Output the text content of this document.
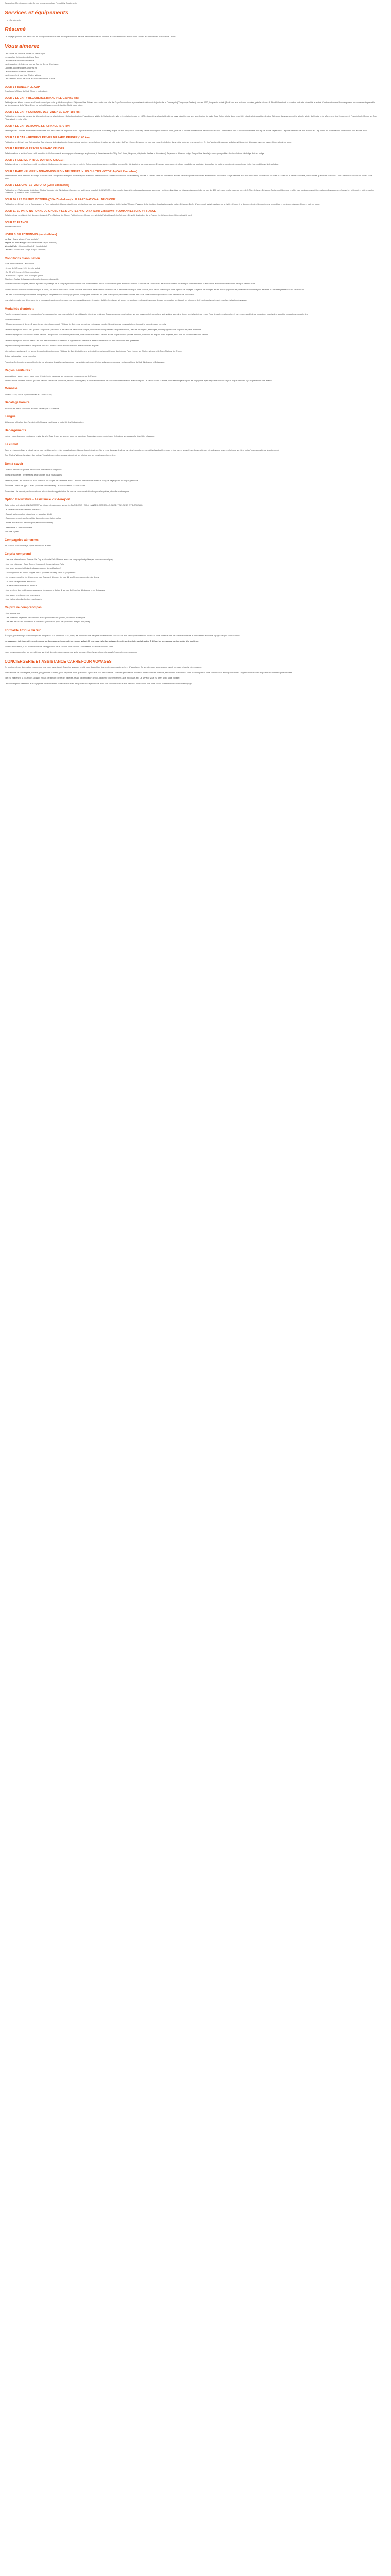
Description Ce prix comprend / Ce prix ne comprend pas Formalités Conciergerie

Services et équipements
• Conciergerie
Résumé

Un voyage qui vous fera découvrir les principaux sites naturels d'Afrique du Sud à travers des visites hors du commun et vous emmènera aux Chutes Victoria et dans le Parc National de Chobe.

Vous aimerez
Les 3 nuits en Réserve privée au Parc Kruger
Le survol en hélicoptère du Cape Town
Le dîner de spécialités africaines
La dégustation de fruits de mer au Cap de Bonne Espérance
L'apéritif au champagne à Signal Hill
La croisière sur le fleuve Zambèze
La découverte à pied des Chutes Victoria
Les 2 safaris dont 1 nautique au Parc National de Chobe
JOUR 1 FRANCE > LE CAP

Envol pour l'Afrique du Sud. Dîner et nuit à bord.

JOUR 2 LE CAP > BLOUBERGSTRAND > LE CAP (50 km)

Petit déjeuner à bord. Arrivée au Cap et accueil par notre guide francophone. Déjeuner libre. Départ pour un tour de ville de Cape Town qui vous permettra de découvrir le jardin de la Compagnie (Company's Garden) créé en 1652, le quartier malais (Bo-Kaap) aux maisons colorées, puis le Victoria & Alfred Waterfront, le quartier portuaire réhabilité et animé. Continuation vers Bloubergstrand pour une vue imprenable sur la montagne de la Table. Dîner de spécialités au centre de la ville. Nuit à votre hôtel.

JOUR 3 LE CAP > LA ROUTE DES VINS > LE CAP (150 km)

Petit déjeuner. Journée consacrée à la route des vins à la région de Stellenbosch et de Franschhoek. Visite de Stellenbosch, ville universitaire fondée en 1679 et deuxième plus vieille ville du pays, réputée pour son architecture de style Cape Dutch. Visite d'une propriété viticole et dégustation de vins. Déjeuner dans une propriété viticole. Visite du Musée et du Monument des Huguenots à Franschhoek. Retour au Cap. Dîner et nuit à votre hôtel.

JOUR 4 LE CAP DE BONNE ESPERANCE (570 km)

Petit déjeuner. Journée entièrement consacrée à la découverte de la péninsule du Cap de Bonne Espérance. Croisière jusqu'à l'île aux phoques à Hout Bay. Visite du village de Simon's Town, puis de la colonie de manchots de Boulders Beach. Continuation vers la Réserve Naturelle du Cap de Bonne Espérance. Déjeuner de fruits de mer. Retour au Cap. Dîner au restaurant du centre-ville. Nuit à votre hôtel.

JOUR 5 LE CAP > RESERVE PRIVEE DU PARC KRUGER (100 km)

Petit déjeuner. Départ pour l'aéroport du Cap et envol à destination de Johannesburg. Arrivée, accueil et continuation vers la région du Parc Kruger. Déjeuner en cours de route. Installation dans votre lodge en réserve privée. En fin d'après-midi, premier safari en véhicule 4x4 découvert avec un ranger. Dîner et nuit au lodge.

JOUR 6 RESERVE PRIVEE DU PARC KRUGER

Safaris matinal et en fin d'après-midi en véhicule 4x4 découvert, accompagné d'un ranger anglophone, à la recherche des "Big Five" (lions, léopards, éléphants, buffles et rhinocéros). Déjeuner et dîner au lodge. Temps libre dans la journée pour profiter des installations du lodge. Nuit au lodge.

JOUR 7 RESERVE PRIVEE DU PARC KRUGER

Safaris matinal et en fin d'après-midi en véhicule 4x4 découvert à travers la réserve privée. Déjeuner au lodge. Après-midi libre pour profiter de la piscine ou vous reposer. Dîner au lodge. Après le dîner, possibilité de participer à un safari de nuit à la lumière des projecteurs (selon les conditions). Nuit au lodge.

JOUR 8 PARC KRUGER > JOHANNESBURG > NELSPRUIT > LES CHUTES VICTORIA (Côté Zimbabwe)

Safari matinal. Petit déjeuner au lodge. Transfert vers l'aéroport de Nelspruit ou Hoedspruit et envol à destination des Chutes Victoria via Johannesburg. Arrivée à Victoria Falls au Zimbabwe, accueil par notre guide et transfert à votre hôtel. Installation. Déjeuner libre. En fin d'après-midi, croisière au coucher du soleil sur le fleuve Zambèze, avec amuse-gueules et boissons. Dîner africain au restaurant. Nuit à votre hôtel.

JOUR 9 LES CHUTES VICTORIA (Côté Zimbabwe)

Petit déjeuner. Visite guidée à pied des Chutes Victoria, côté Zimbabwe. Classées au patrimoine mondial de l'UNESCO, elles comptent parmi les plus spectaculaires au monde : le fleuve Zambèze se déverse dans une faille de plus de 100 mètres de profondeur sur près de 1,7 km de large. Déjeuner. Après-midi libre pour profiter des nombreuses activités optionnelles proposées (survol en hélicoptère, rafting, saut à l'élastique...). Dîner et nuit à votre hôtel.

JOUR 10 LES CHUTES VICTORIA (Côté Zimbabwe) > LE PARC NATIONAL DE CHOBE

Petit déjeuner. Départ vers le Botswana et le Parc National de Chobe, réputé pour abriter l'une des plus grandes populations d'éléphants d'Afrique. Passage de la frontière. Installation à votre lodge. Déjeuner. En fin d'après-midi, safari nautique sur la rivière Chobe, à la découverte des hippopotames, crocodiles et nombreux oiseaux. Dîner et nuit au lodge.

JOUR 11 LE PARC NATIONAL DE CHOBE > LES CHUTES VICTORIA (Côté Zimbabwe) > JOHANNESBURG > FRANCE

Safari matinal en véhicule 4x4 découvert dans le Parc National de Chobe. Petit déjeuner. Retour vers Victoria Falls et transfert à l'aéroport. Envol à destination de la France via Johannesburg. Dîner et nuit à bord.

JOUR 12 FRANCE

Arrivée en France.

HÔTELS SÉLECTIONNÉS (ou similaires)
Le Cap : Cape Milner 4 * (ou similaire)
Région du Parc Kruger : Réserve Privée 4 * (ou similaire)
Victoria Falls : Kingdom Hotel 4 * (ou similaire)
Chobe : Chobe Safari Lodge 3 * (ou similaire)
Conditions d'annulation

Frais de modification / annulation :

- à plus de 30 jours : 10% du prix global
- De 30 à 15 jours : 45 % du prix global
- à moins de 15 jours : 100 % du prix global
Attention : l'achat de bagage optionnel est non remboursable.

Pour les contrats acceptés, l'envol à partir d'un passage de la compagnie aérienne est non remboursable en cas d'annulation après émission du billet. À la date de l'annulation, les frais de dossier ne sont pas remboursables. L'assurance annulation souscrite ne sera pas remboursée.

Pour toute annulation ou modification par le client, les frais d'annulation seront calculés en fonction de la date de réception de la demande écrite par notre service, et ils seront retenus par votre agence de voyages. L'agence de voyages est en droit d'appliquer les pénalités de la compagnie aérienne ou d'autres prestataires le cas échéant.

Des frais d'annulation pourront être appliqués par les prestataires du voyage (hôtels, compagnie aérienne, etc.) dès l'inscription ; le montant de ces frais vous sera communiqué lors de votre demande de réservation.

Les vols internationaux dépendent de la compagnie aérienne et ne sont pas remboursables après émission du billet. Les taxes aériennes ne sont pas remboursées en cas de non présentation au départ. Un minimum de 2 participants est requis pour la réalisation du voyage.

Modalités d'entrée :

Pour le voyageur français en possession d'un passeport en cours de validité, il est obligatoire d'avoir au minimum 2 pages vierges consécutives sur son passeport et que celui-ci soit valable au moins 6 mois après la date de retour. Pour les autres nationalités, il est recommandé de se renseigner auprès des autorités consulaires compétentes.

Pour les mineurs :

* Mineur accompagné de ses 2 parents : en plus du passeport, l'Afrique du Sud exige un acte de naissance complet (de préférence en anglais) mentionnant le nom des deux parents.

* Mineur voyageant avec 1 seul parent : en plus du passeport et de l'acte de naissance complet, une autorisation parentale du parent absent, traduite en anglais, est exigée, accompagnée d'une copie de sa pièce d'identité.

* Mineur voyageant sans aucun de ses parents : en plus des documents précédents, une autorisation des 2 parents et une copie de leurs pièces d'identité, traduites en anglais, sont requises, ainsi que les coordonnées des parents.

* Mineur voyageant avec un tuteur : en plus des documents ci-dessus, le jugement de tutelle et la lettre d'autorisation du tribunal doivent être présentés.

Réglementation particulière et obligatoire pour les mineurs : toute autorisation doit être traduite en anglais.

Informations sanitaires : il n'y a pas de vaccin obligatoire pour l'Afrique du Sud. Un traitement antipaludéen est conseillé pour la région du Parc Kruger, les Chutes Victoria et le Parc National de Chobe.

Autres nationalités : nous consulter.

Pour plus d'informations, consultez le site du Ministère des Affaires étrangères : www.diplomatie.gouv.fr/fr/conseils-aux-voyageurs, rubrique Afrique du Sud, Zimbabwe et Botswana.

Règles sanitaires :

Vaccinations : aucun vaccin n'est exigé à l'entrée du pays pour les voyageurs en provenance de France.

Il est toutefois conseillé d'être à jour des vaccins universels (diphtérie, tétanos, poliomyélite) et il est recommandé de consulter votre médecin avant le départ. Le vaccin contre la fièvre jaune est obligatoire pour les voyageurs ayant séjourné dans un pays à risque dans les 6 jours précédant leur arrivée.

Monnaie

1 Rand (ZAR) = 0,06 € (taux indicatif au 14/06/2024)

Décalage horaire

+1 heure en été et +2 heures en hiver par rapport à la France.

Langue

11 langues officielles dont l'anglais et l'afrikaans, parlés par la majorité des Sud-Africains.

Hébergements

Lodge : votre logement en réserve privée dans le Parc Kruger se fera en lodge de standing. Cependant, votre confort dans le bush ne sera pas celui d'un hôtel classique.

Le climat

Dans la région du Cap, le climat est de type méditerranéen : étés chauds et secs, hivers doux et pluvieux. Sur le reste du pays, le climat est plus tropical avec des étés chauds et humides et des hivers secs et frais. Les meilleures périodes pour observer la faune sont les mois d'hiver austral (mai à septembre).

Aux Chutes Victoria, la saison des pluies s'étend de novembre à mars, période où les chutes sont les plus impressionnantes.

Bon à savoir

Location de voiture : permis de conduire international obligatoire.

Types de bagages : préférez les sacs souples pour vos bagages.

Réserve privée : en fonction du Parc National, les lodges peuvent être isolés. Les vols internes sont limités à 20 kg de bagages en soute par personne.

Électricité : prises de type D et M (adaptateur nécessaire). Le courant est de 220/230 volts.

Pourboires : ils ne sont pas inclus et sont laissés à votre appréciation. Ils sont de coutume et attendus pour les guides, chauffeurs et rangers.

Option Facultative - Assistance VIP Aéroport

Cette option est valable UNIQUEMENT au départ des aéroports suivants : PARIS CDG / ORLY, NANTES, MARSEILLE, NICE, TOULOUSE ET BORDEAUX

Ce service inclus les éléments suivants :

- Accueil au terminal de départ par un assistant dédié

- Accompagnement aux formalités d'enregistrement et de police

- Accès au salon VIP de l'aéroport (selon disponibilité)

- Assistance à l'embarquement

Prix total 2 pers.

Compagnies aériennes

Air France, British Airways, Qatar Airways ou autres...

Ce prix comprend

- Les vols internationaux France / Le Cap et Victoria Falls / France avec une compagnie régulière (en classe économique)

- Les vols intérieurs : Cape Town / Hoedspruit, Kruger/Victoria Falls

- Les taxes aéroport et frais de dossier (soumis à modifications)

- L'hébergement en hôtels, lodges 3 et 4* (normes locales), selon le programme

- La pension complète du déjeuner du jour 2 au petit déjeuner du jour 11, sauf les repas mentionnés libres

- Un dîner de spécialités africaines

- Le transport en autocar ou minibus

- Les services d'un guide accompagnateur francophone du jour 2 au jour 8 et local au Zimbabwe et au Botswana

- Les safaris mentionnés au programme

- Les visites et droits d'entrée mentionnés

Ce prix ne comprend pas

- Les assurances

- Les boissons, dépenses personnelles et les pourboires aux guides, chauffeurs et rangers

- Les frais de visa au Zimbabwe et Botswana (environ 45 $ US par personne, à régler sur place)

Formalité Afrique du Sud

À ce jour, pour les séjours touristiques en Afrique du Sud (inférieurs à 90 jours), les ressortissants français doivent être en possession d'un passeport valable au moins 30 jours après la date de sortie du territoire et disposant d'au moins 2 pages vierges consécutives.

Le passeport doit impérativement comporter deux pages vierges et être encore valable 30 jours après la date prévue de sortie du territoire sud-africain. À défaut, les voyageurs sont refoulés à la frontière.

Pour toute question, il est recommandé de se rapprocher de la section consulaire de l'ambassade d'Afrique du Sud à Paris.

Nous pouvons consulter les formalités de santé et de police nécessaires pour votre voyage : https://www.diplomatie.gouv.fr/fr/conseils-aux-voyageurs

CONCIERGERIE ET ASSISTANCE CARREFOUR VOYAGES

En fonction de vos dates et du programme que vous avez choisi, Carrefour Voyages met à votre disposition des services de conciergerie et d'assistance. Ce service vous accompagne avant, pendant et après votre voyage.

Notre équipe de conciergerie, experte, polyglotte et humaine, peut répondre à vos questions, 7 jours sur 7 et à toute heure. Elle vous propose de trouver et de réserver les activités, restaurants, spectacles, soins ou transports à votre convenance, ainsi qu'une aide à l'organisation de votre séjour et des conseils personnalisés.

Elle est également là pour vous assister en cas de besoin : perte de bagages, retard ou annulation de vol, problème d'hébergement, aide médicale, etc. Ce service vous est offert avec votre voyage.

Les conciergeries destinées aux voyageurs fonctionnent en collaboration avec des partenaires spécialisés. Pour plus d'informations sur ce service, rendez-vous sur notre site ou contactez votre conseiller voyage.
